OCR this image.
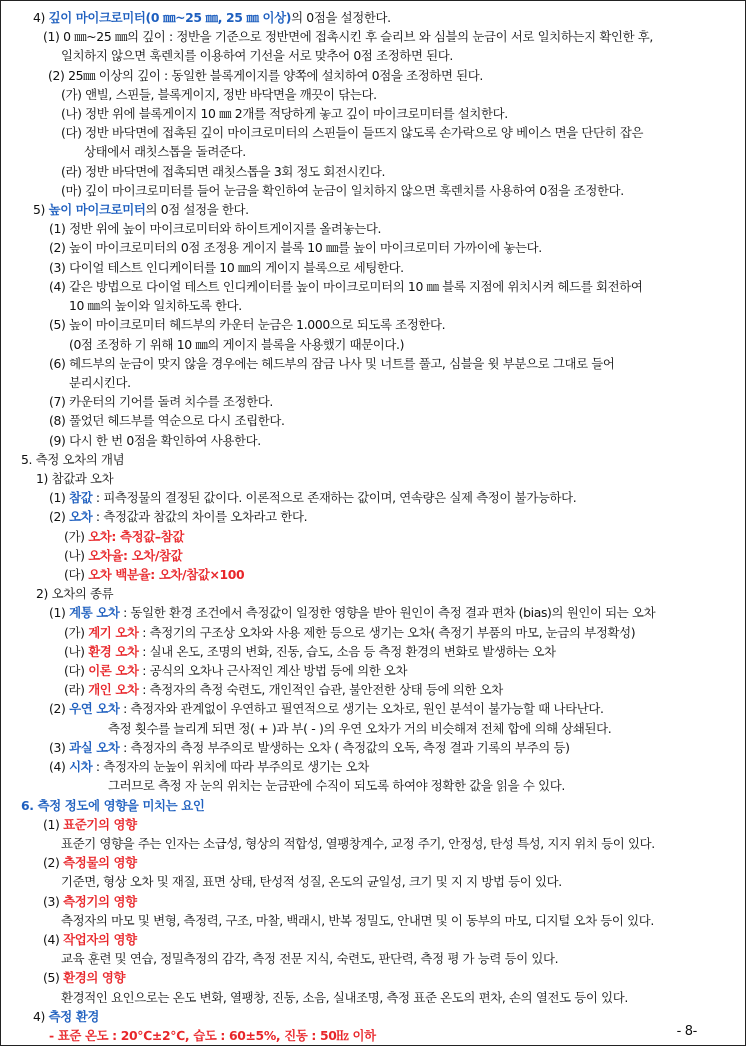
4) 깊이 마이크로미터(0 ㎜~25 ㎜, 25 ㎜ 이상)의 0점을 설정한다.
(1) 0 ㎜~25 ㎜의 깊이 : 정반을 기준으로 정반면에 접촉시킨 후 슬리브 와 심블의 눈금이 서로 일치하는지 확인한 후,
일치하지 않으면 훅렌치를 이용하여 기선을 서로 맞추어 0점 조정하면 된다.
(2) 25㎜ 이상의 깊이 : 동일한 블록게이지를 양쪽에 설치하여 0점을 조정하면 된다.
(가) 앤빌, 스핀들, 블록게이지, 정반 바닥면을 깨끗이 닦는다.
(나) 정반 위에 블록게이지 10 ㎜ 2개를 적당하게 놓고 깊이 마이크로미터를 설치한다.
(다) 정반 바닥면에 접촉된 깊이 마이크로미터의 스핀들이 들뜨지 않도록 손가락으로 양 베이스 면을 단단히 잡은
상태에서 래칫스톱을 돌려준다.
(라) 정반 바닥면에 접촉되면 래칫스톱을 3회 정도 회전시킨다.
(마) 깊이 마이크로미터를 들어 눈금을 확인하여 눈금이 일치하지 않으면 훅렌치를 사용하여 0점을 조정한다.
5) 높이 마이크로미터의 0점 설정을 한다.
(1) 정반 위에 높이 마이크로미터와 하이트게이지를 올려놓는다.
(2) 높이 마이크로미터의 0점 조정용 게이지 블록 10 ㎜를 높이 마이크로미터 가까이에 놓는다.
(3) 다이얼 테스트 인디케이터를 10 ㎜의 게이지 블록으로 세팅한다.
(4) 같은 방법으로 다이얼 테스트 인디케이터를 높이 마이크로미터의 10 ㎜ 블록 지점에 위치시켜 헤드를 회전하여
10 ㎜의 높이와 일치하도록 한다.
(5) 높이 마이크로미터 헤드부의 카운터 눈금은 1.000으로 되도록 조정한다.
(0점 조정하 기 위해 10 ㎜의 게이지 블록을 사용했기 때문이다.)
(6) 헤드부의 눈금이 맞지 않을 경우에는 헤드부의 잠금 나사 및 너트를 풀고, 심블을 윗 부분으로 그대로 들어
분리시킨다.
(7) 카운터의 기어를 돌려 치수를 조정한다.
(8) 풀었던 헤드부를 역순으로 다시 조립한다.
(9) 다시 한 번 0점을 확인하여 사용한다.
5. 측정 오차의 개념
1) 참값과 오차
(1) 참값 : 피측정물의 결정된 값이다. 이론적으로 존재하는 값이며, 연속량은 실제 측정이 불가능하다.
(2) 오차 : 측정값과 참값의 차이를 오차라고 한다.
(가) 오차: 측정값–참값
(나) 오차율: 오차/참값
(다) 오차 백분율: 오차/참값×100
2) 오차의 종류
(1) 계통 오차 : 동일한 환경 조건에서 측정값이 일정한 영향을 받아 원인이 측정 결과 편차 (bias)의 원인이 되는 오차
(가) 계기 오차 : 측정기의 구조상 오차와 사용 제한 등으로 생기는 오차( 측정기 부품의 마모, 눈금의 부정확성)
(나) 환경 오차 : 실내 온도, 조명의 변화, 진동, 습도, 소음 등 측정 환경의 변화로 발생하는 오차
(다) 이론 오차 : 공식의 오차나 근사적인 계산 방법 등에 의한 오차
(라) 개인 오차 : 측정자의 측정 숙련도, 개인적인 습관, 불안전한 상태 등에 의한 오차
(2) 우연 오차 : 측정자와 관계없이 우연하고 필연적으로 생기는 오차로, 원인 분석이 불가능할 때 나타난다.
측정 횟수를 늘리게 되면 정( + )과 부( - )의 우연 오차가 거의 비슷해져 전체 합에 의해 상쇄된다.
(3) 과실 오차 : 측정자의 측정 부주의로 발생하는 오차 ( 측정값의 오독, 측정 결과 기록의 부주의 등)
(4) 시차 : 측정자의 눈높이 위치에 따라 부주의로 생기는 오차
그러므로 측정 자 눈의 위치는 눈금판에 수직이 되도록 하여야 정확한 값을 읽을 수 있다.
6. 측정 정도에 영향을 미치는 요인
(1) 표준기의 영향
표준기 영향을 주는 인자는 소급성, 형상의 적합성, 열팽창계수, 교정 주기, 안정성, 탄성 특성, 지지 위치 등이 있다.
(2) 측정물의 영향
기준면, 형상 오차 및 재질, 표면 상태, 탄성적 성질, 온도의 균일성, 크기 및 지 지 방법 등이 있다.
(3) 측정기의 영향
측정자의 마모 및 변형, 측정력, 구조, 마찰, 백래시, 반복 정밀도, 안내면 및 이 동부의 마모, 디지털 오차 등이 있다.
(4) 작업자의 영향
교육 훈련 및 연습, 정밀측정의 감각, 측정 전문 지식, 숙련도, 판단력, 측정 평 가 능력 등이 있다.
(5) 환경의 영향
환경적인 요인으로는 온도 변화, 열팽창, 진동, 소음, 실내조명, 측정 표준 온도의 편차, 손의 열전도 등이 있다.
4) 측정 환경
- 표준 온도 : 20℃±2℃, 습도 : 60±5%, 진동 : 50㎐ 이하	- 8-
